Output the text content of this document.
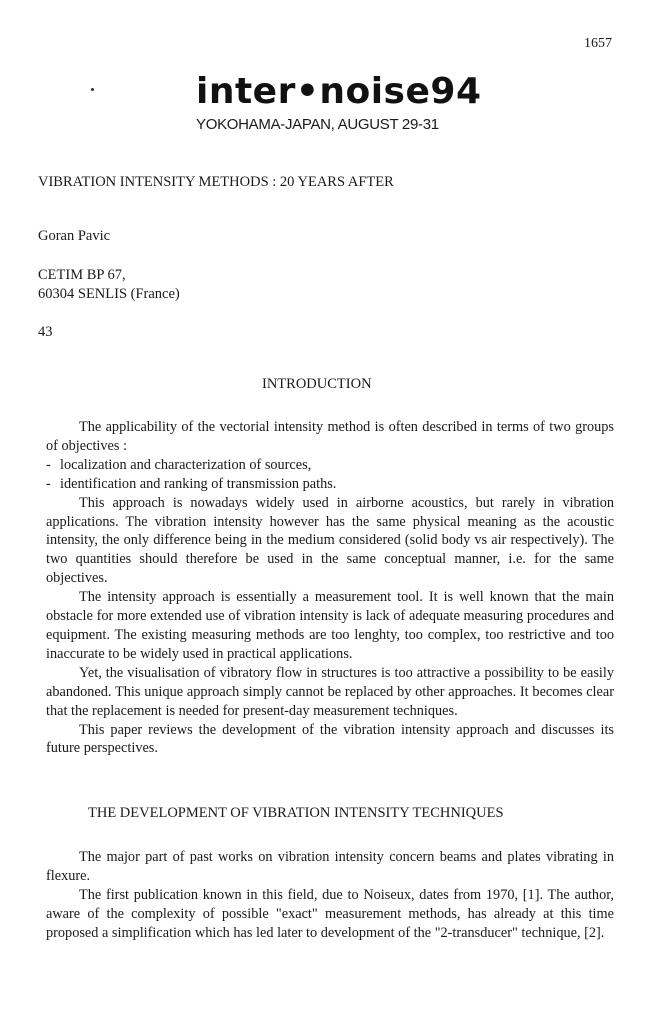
1657
inter•noise94
YOKOHAMA-JAPAN, AUGUST 29-31
VIBRATION INTENSITY METHODS : 20 YEARS AFTER
Goran Pavic
CETIM BP 67,
60304 SENLIS (France)
43
INTRODUCTION

The applicability of the vectorial intensity method is often described in terms of two groups of objectives :

- localization and characterization of sources,
- identification and ranking of transmission paths.

This approach is nowadays widely used in airborne acoustics, but rarely in vibration applications. The vibration intensity however has the same physical meaning as the acoustic intensity, the only difference being in the medium considered (solid body vs air respectively). The two quantities should therefore be used in the same conceptual manner, i.e. for the same objectives.

The intensity approach is essentially a measurement tool. It is well known that the main obstacle for more extended use of vibration intensity is lack of adequate measuring procedures and equipment. The existing measuring methods are too lenghty, too complex, too restrictive and too inaccurate to be widely used in practical applications.

Yet, the visualisation of vibratory flow in structures is too attractive a possibility to be easily abandoned. This unique approach simply cannot be replaced by other approaches. It becomes clear that the replacement is needed for present-day measurement techniques.

This paper reviews the development of the vibration intensity approach and discusses its future perspectives.

THE DEVELOPMENT OF VIBRATION INTENSITY TECHNIQUES

The major part of past works on vibration intensity concern beams and plates vibrating in flexure.

The first publication known in this field, due to Noiseux, dates from 1970, [1]. The author, aware of the complexity of possible "exact" measurement methods, has already at this time proposed a simplification which has led later to development of the "2-transducer" technique, [2].
